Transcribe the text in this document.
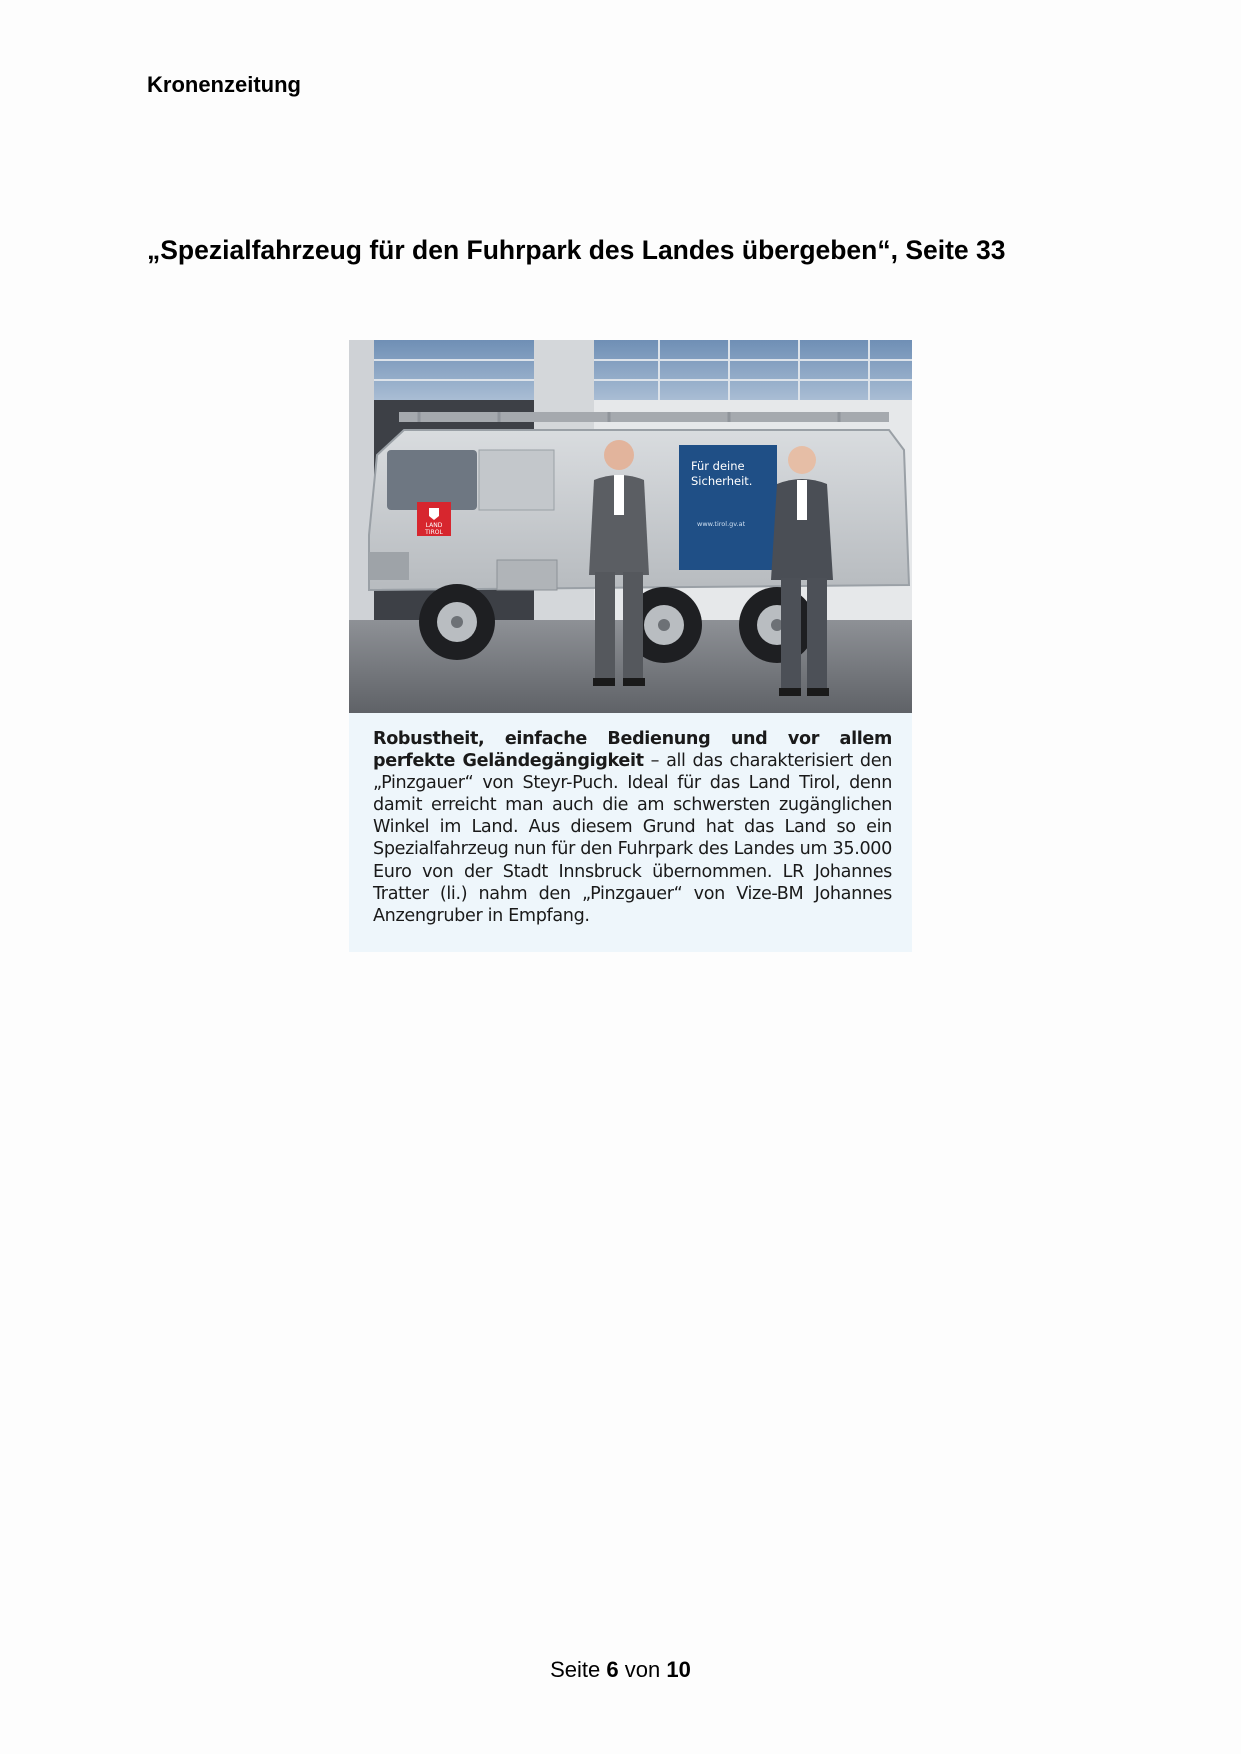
Kronenzeitung
„Spezialfahrzeug für den Fuhrpark des Landes übergeben“, Seite 33
LAND
TIROL
Für deine
Sicherheit.
www.tirol.gv.at
Robustheit, einfache Bedienung und vor allem perfekte Geländegängigkeit – all das charakterisiert den „Pinzgauer“ von Steyr-Puch. Ideal für das Land Tirol, denn damit erreicht man auch die am schwersten zugänglichen Winkel im Land. Aus diesem Grund hat das Land so ein Spezialfahrzeug nun für den Fuhrpark des Landes um 35.000 Euro von der Stadt Innsbruck übernommen. LR Johannes Tratter (li.) nahm den „Pinzgauer“ von Vize-BM Johannes Anzengruber in Empfang.
Seite 6 von 10
